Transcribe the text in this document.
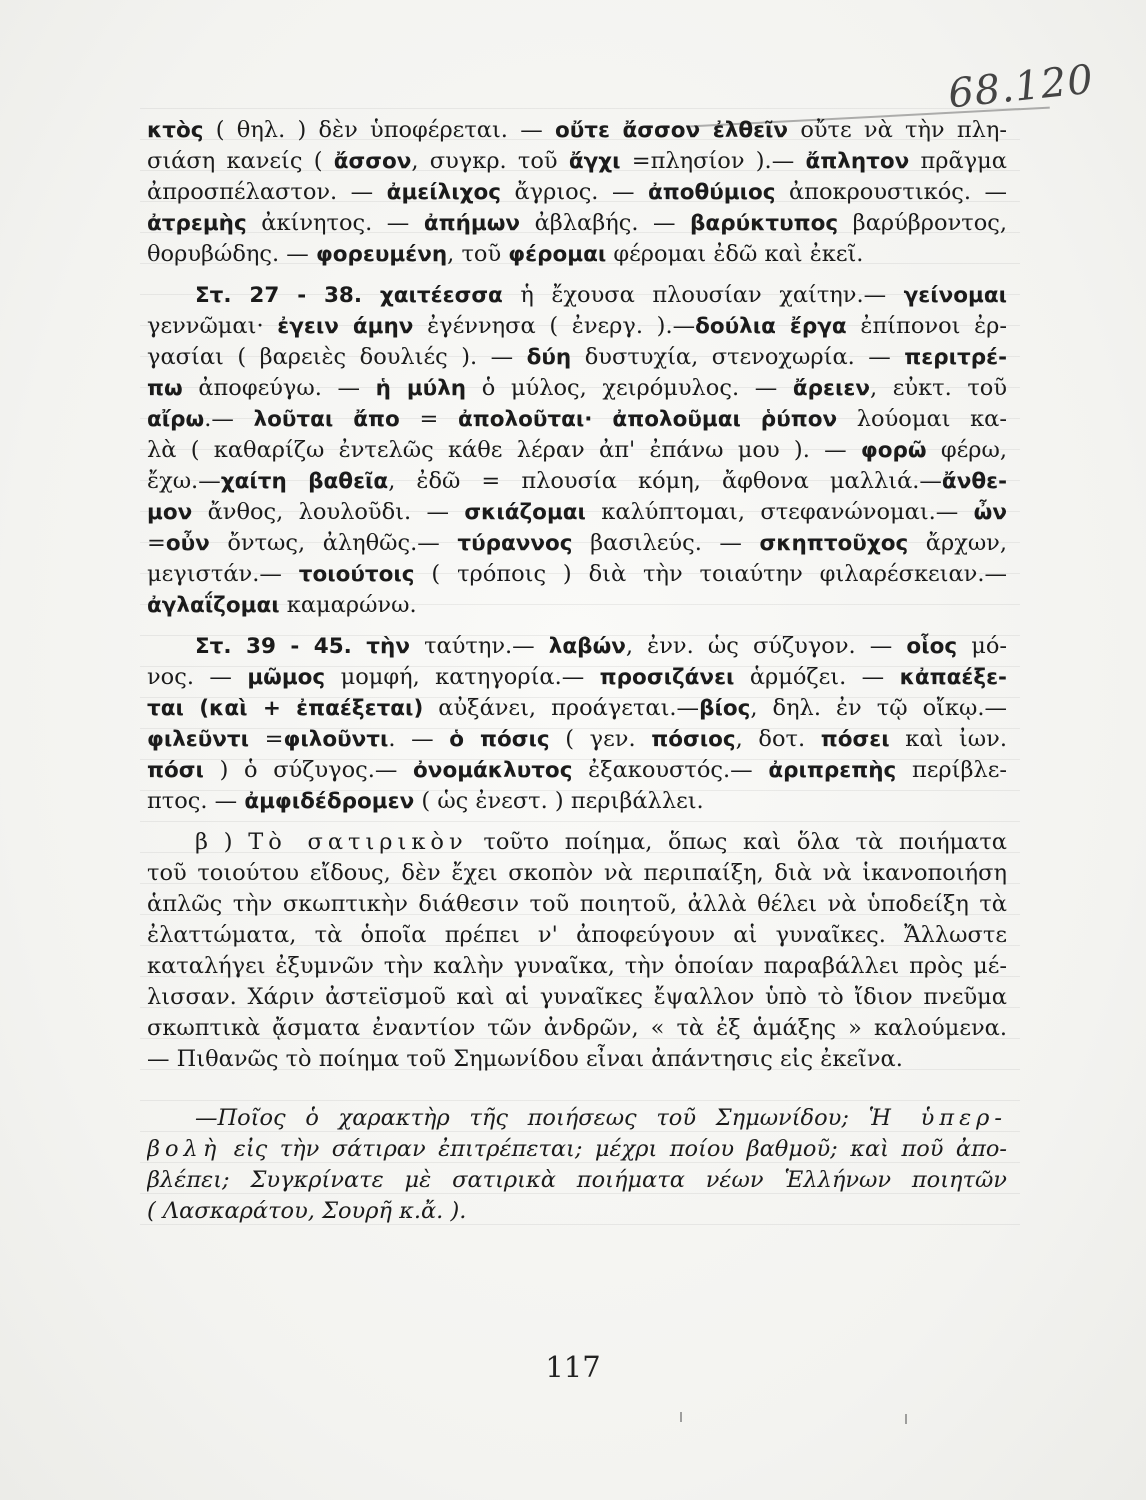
68.120
κτὸς ( θηλ. ) δὲν ὑποφέρεται. — οὔτε ἄσσον ἐλθεῖν οὔτε νὰ τὴν πλη-
σιάση κανείς ( ἄσσον, συγκρ. τοῦ ἄγχι =πλησίον ).— ἄπλητον πρᾶγμα
ἀπροσπέλαστον. — ἀμείλιχος ἄγριος. — ἀποθύμιος ἀποκρουστικός. —
ἀτρεμὴς ἀκίνητος. — ἀπήμων ἀβλαβής. — βαρύκτυπος βαρύβροντος,
θορυβώδης. — φορευμένη, τοῦ φέρομαι φέρομαι ἐδῶ καὶ ἐκεῖ.
Στ. 27 - 38. χαιτέεσσα ἡ ἔχουσα πλουσίαν χαίτην.— γείνομαι
γεννῶμαι· ἐγειν άμην ἐγέννησα ( ἐνεργ. ).—δούλια ἔργα ἐπίπονοι ἐρ-
γασίαι ( βαρειὲς δουλιές ). — δύη δυστυχία, στενοχωρία. — περιτρέ-
πω ἀποφεύγω. — ἡ μύλη ὁ μύλος, χειρόμυλος. — ἄρειεν, εὐκτ. τοῦ
αἴρω.— λοῦται ἄπο = ἀπολοῦται· ἀπολοῦμαι ῥύπον λούομαι κα-
λὰ ( καθαρίζω ἐντελῶς κάθε λέραν ἀπ' ἐπάνω μου ). — φορῶ φέρω,
ἔχω.—χαίτη βαθεῖα, ἐδῶ = πλουσία κόμη, ἄφθονα μαλλιά.—ἄνθε-
μον ἄνθος, λουλοῦδι. — σκιάζομαι καλύπτομαι, στεφανώνομαι.— ὦν
=οὖν ὄντως, ἀληθῶς.— τύραννος βασιλεύς. — σκηπτοῦχος ἄρχων,
μεγιστάν.— τοιούτοις ( τρόποις ) διὰ τὴν τοιαύτην φιλαρέσκειαν.—
ἀγλαΐζομαι καμαρώνω.
Στ. 39 - 45. τὴν ταύτην.— λαβών, ἐνν. ὡς σύζυγον. — οἷος μό-
νος. — μῶμος μομφή, κατηγορία.— προσιζάνει ἁρμόζει. — κἀπαέξε-
ται (καὶ + ἐπαέξεται) αὐξάνει, προάγεται.—βίος, δηλ. ἐν τῷ οἴκῳ.—
φιλεῦντι =φιλοῦντι. — ὁ πόσις ( γεν. πόσιος, δοτ. πόσει καὶ ἰων.
πόσι ) ὁ σύζυγος.— ὀνομάκλυτος ἐξακουστός.— ἀριπρεπὴς περίβλε-
πτος. — ἀμφιδέδρομεν ( ὡς ἐνεστ. ) περιβάλλει.
β ) Τὸ σατιρικὸν τοῦτο ποίημα, ὅπως καὶ ὅλα τὰ ποιήματα
τοῦ τοιούτου εἴδους, δὲν ἔχει σκοπὸν νὰ περιπαίξη, διὰ νὰ ἱκανοποιήση
ἁπλῶς τὴν σκωπτικὴν διάθεσιν τοῦ ποιητοῦ, ἀλλὰ θέλει νὰ ὑποδείξη τὰ
ἐλαττώματα, τὰ ὁποῖα πρέπει ν' ἀποφεύγουν αἱ γυναῖκες. Ἄλλωστε
καταλήγει ἐξυμνῶν τὴν καλὴν γυναῖκα, τὴν ὁποίαν παραβάλλει πρὸς μέ-
λισσαν. Χάριν ἀστεϊσμοῦ καὶ αἱ γυναῖκες ἔψαλλον ὑπὸ τὸ ἴδιον πνεῦμα
σκωπτικὰ ᾄσματα ἐναντίον τῶν ἀνδρῶν, « τὰ ἐξ ἁμάξης » καλούμενα.
— Πιθανῶς τὸ ποίημα τοῦ Σημωνίδου εἶναι ἀπάντησις εἰς ἐκεῖνα.
—Ποῖος ὁ χαρακτὴρ τῆς ποιήσεως τοῦ Σημωνίδου; Ἡ ὑπερ-
βολὴ εἰς τὴν σάτιραν ἐπιτρέπεται; μέχρι ποίου βαθμοῦ; καὶ ποῦ ἀπο-
βλέπει; Συγκρίνατε μὲ σατιρικὰ ποιήματα νέων Ἑλλήνων ποιητῶν
( Λασκαράτου, Σουρῆ κ.ἄ. ).
117
